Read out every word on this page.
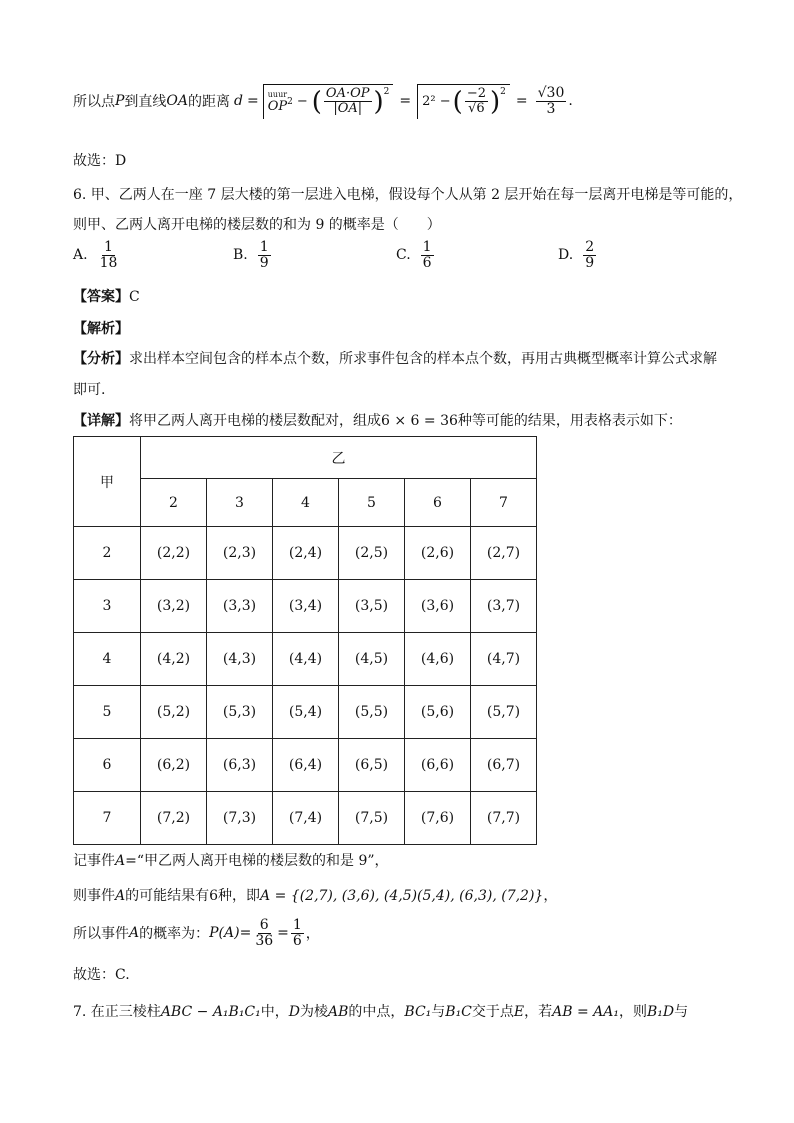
所以点 P 到直线 OA 的距离 d = uuur
OP 2 − ( $\frac{OA\cdot OP}{|OA|} )^2$
= 2² − ( $\frac{-2}{√6} )^2$
= $\frac{√30}{3}$ .
故选：D
6. 甲、乙两人在一座 7 层大楼的第一层进入电梯，假设每个人从第 2 层开始在每一层离开电梯是等可能的，
则甲、乙两人离开电梯的楼层数的和为 9 的概率是（　　）
A. $\frac{1}{18}$	B. $\frac{1}{9}$	C. $\frac{1}{6}$	D. $\frac{2}{9}$
【答案】C
【解析】
【分析】求出样本空间包含的样本点个数，所求事件包含的样本点个数，再用古典概型概率计算公式求解
即可.
【详解】将甲乙两人离开电梯的楼层数配对，组成6 × 6 = 36种等可能的结果，用表格表示如下：
甲	乙					
	2	3	4	5	6	7
2	(2,2)	(2,3)	(2,4)	(2,5)	(2,6)	(2,7)
3	(3,2)	(3,3)	(3,4)	(3,5)	(3,6)	(3,7)
4	(4,2)	(4,3)	(4,4)	(4,5)	(4,6)	(4,7)
5	(5,2)	(5,3)	(5,4)	(5,5)	(5,6)	(5,7)
6	(6,2)	(6,3)	(6,4)	(6,5)	(6,6)	(6,7)
7	(7,2)	(7,3)	(7,4)	(7,5)	(7,6)	(7,7)
记事件A=“甲乙两人离开电梯的楼层数的和是 9”，
则事件A的可能结果有6种，即A = {(2,7), (3,6), (4,5)(5,4), (6,3), (7,2)}，
所以事件 A 的概率为： $P(A)= \frac{6}{36} = \frac{1}{6}$ ，
故选：C.
7. 在正三棱柱ABC − A₁B₁C₁中，D为棱AB的中点，BC₁与B₁C交于点E，若AB = AA₁，则B₁D与
